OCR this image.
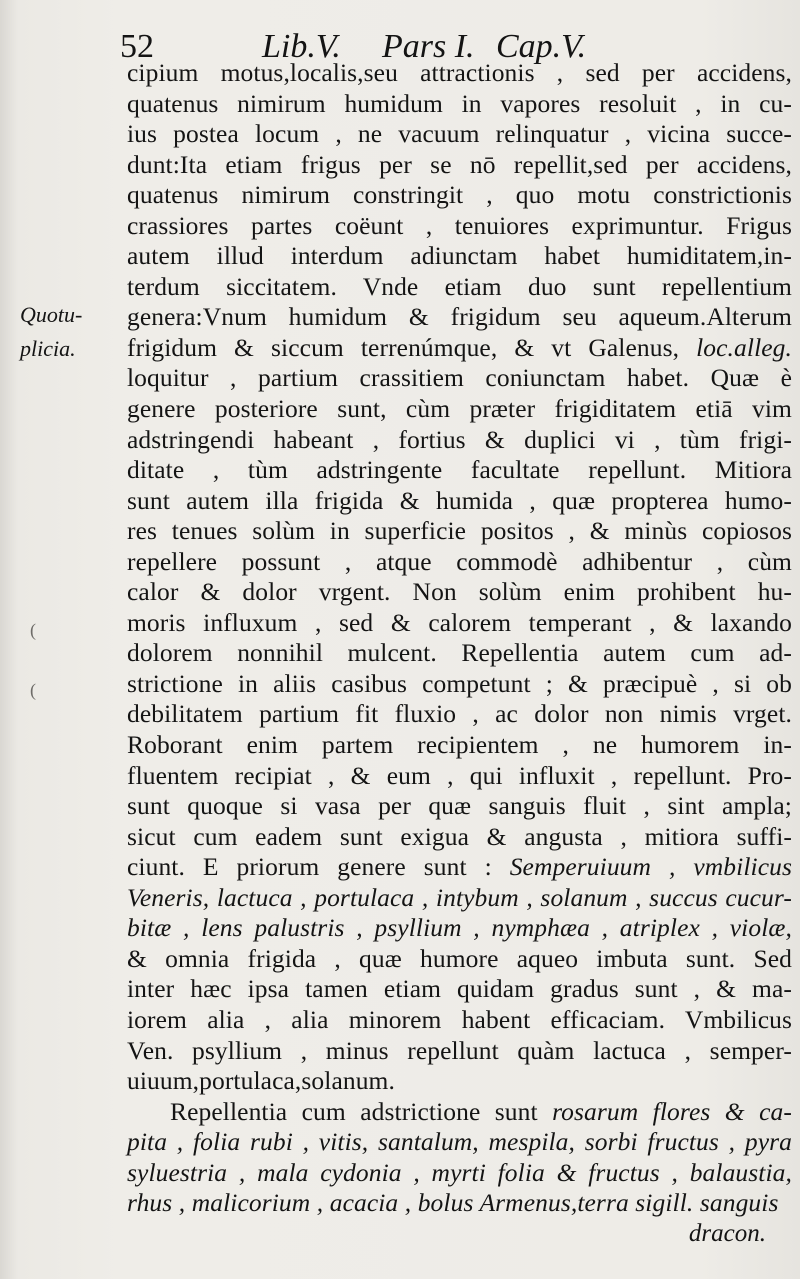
52	Lib.V. Pars I. Cap.V.
Quotu-
plicia.
cipium motus,localis,seu attractionis , sed per accidens,
quatenus nimirum humidum in vapores resoluit , in cu-
ius postea locum , ne vacuum relinquatur , vicina succe-
dunt:Ita etiam frigus per se nō repellit,sed per accidens,
quatenus nimirum constringit , quo motu constrictionis
crassiores partes coëunt , tenuiores exprimuntur. Frigus
autem illud interdum adiunctam habet humiditatem,in-
terdum siccitatem. Vnde etiam duo sunt repellentium
genera:Vnum humidum & frigidum seu aqueum.Alterum
frigidum & siccum terrenúmque, & vt Galenus, loc.alleg.
loquitur , partium crassitiem coniunctam habet. Quæ è
genere posteriore sunt, cùm præter frigiditatem etiā vim
adstringendi habeant , fortius & duplici vi , tùm frigi-
ditate , tùm adstringente facultate repellunt. Mitiora
sunt autem illa frigida & humida , quæ propterea humo-
res tenues solùm in superficie positos , & minùs copiosos
repellere possunt , atque commodè adhibentur , cùm
calor & dolor vrgent. Non solùm enim prohibent hu-
moris influxum , sed & calorem temperant , & laxando
dolorem nonnihil mulcent. Repellentia autem cum ad-
strictione in aliis casibus competunt ; & præcipuè , si ob
debilitatem partium fit fluxio , ac dolor non nimis vrget.
Roborant enim partem recipientem , ne humorem in-
fluentem recipiat , & eum , qui influxit , repellunt. Pro-
sunt quoque si vasa per quæ sanguis fluit , sint ampla;
sicut cum eadem sunt exigua & angusta , mitiora suffi-
ciunt. E priorum genere sunt : Semperuiuum , vmbilicus
Veneris, lactuca , portulaca , intybum , solanum , succus cucur-
bitæ , lens palustris , psyllium , nymphæa , atriplex , violæ,
& omnia frigida , quæ humore aqueo imbuta sunt. Sed
inter hæc ipsa tamen etiam quidam gradus sunt , & ma-
iorem alia , alia minorem habent efficaciam. Vmbilicus
Ven. psyllium , minus repellunt quàm lactuca , semper-
uiuum,portulaca,solanum.
Repellentia cum adstrictione sunt rosarum flores & ca-
pita , folia rubi , vitis, santalum, mespila, sorbi fructus , pyra
syluestria , mala cydonia , myrti folia & fructus , balaustia,
rhus , malicorium , acacia , bolus Armenus,terra sigill. sanguis
dracon.
(
(
